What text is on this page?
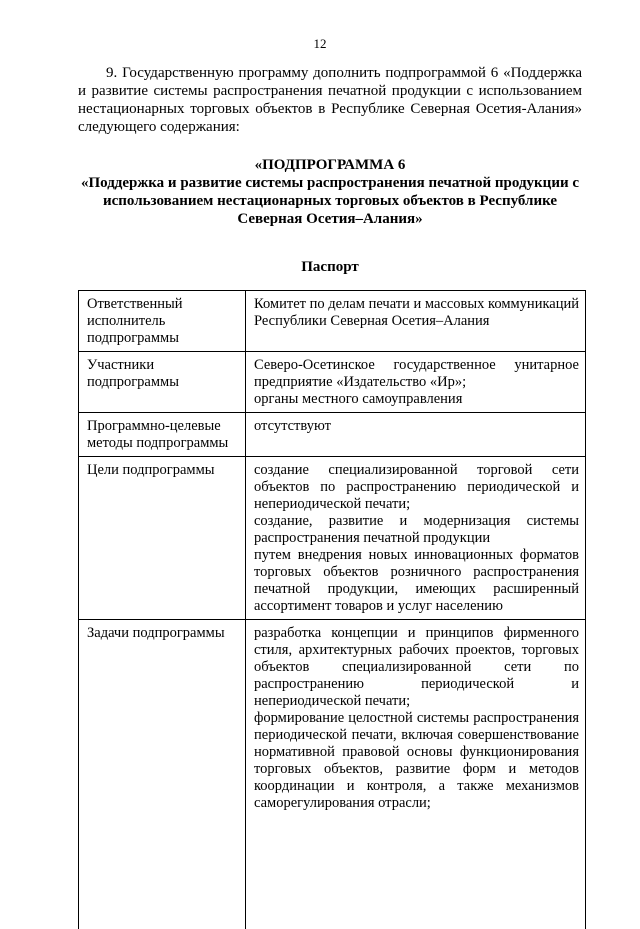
12

9. Государственную программу дополнить подпрограммой 6 «Поддержка и развитие системы распространения печатной продукции с использованием нестационарных торговых объектов в Республике Северная Осетия-Алания» следующего содержания:

«ПОДПРОГРАММА 6

«Поддержка и развитие системы распространения печатной продукции с использованием нестационарных торговых объектов в Республике Северная Осетия–Алания»

Паспорт

Ответственный исполнитель подпрограммы	Комитет по делам печати и массовых коммуникаций Республики Северная Осетия–Алания

Участники подпрограммы	Северо-Осетинское государственное унитарное предприятие «Издательство «Ир»;
органы местного самоуправления

Программно-целевые методы подпрограммы	отсутствуют

Цели подпрограммы	создание специализированной торговой сети объектов по распространению периодической и непериодической печати;
создание, развитие и модернизация системы распространения печатной продукции
путем внедрения новых инновационных форматов торговых объектов розничного распространения печатной продукции, имеющих расширенный ассортимент товаров и услуг населению

Задачи подпрограммы	разработка концепции и принципов фирменного стиля, архитектурных рабочих проектов, торговых объектов специализированной сети по распространению периодической и непериодической печати;
формирование целостной системы распространения периодической печати, включая совершенствование нормативной правовой основы функционирования торговых объектов, развитие форм и методов координации и контроля, а также механизмов саморегулирования отрасли;
